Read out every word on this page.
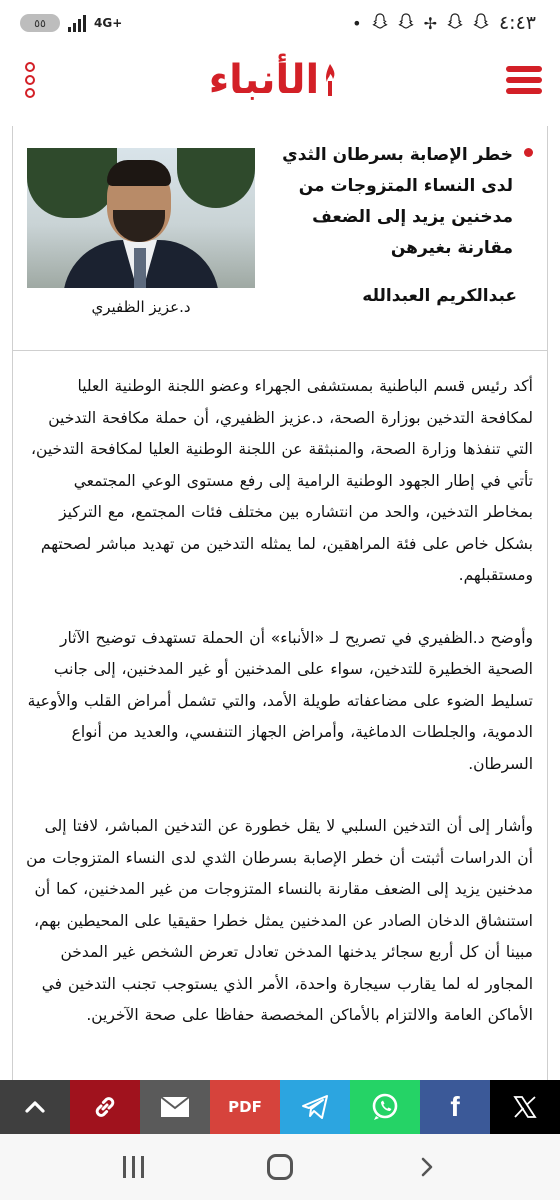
٥٥	4G+	•	✢	٤:٤٣
الأنباء
خطر الإصابة بسرطان الثدي لدى النساء المتزوجات من مدخنين يزيد إلى الضعف مقارنة بغيرهن
عبدالكريم العبدالله
د.عزيز الظفيري

أكد رئيس قسم الباطنية بمستشفى الجهراء وعضو اللجنة الوطنية العليا لمكافحة التدخين بوزارة الصحة، د.عزيز الظفيري، أن حملة مكافحة التدخين التي تنفذها وزارة الصحة، والمنبثقة عن اللجنة الوطنية العليا لمكافحة التدخين، تأتي في إطار الجهود الوطنية الرامية إلى رفع مستوى الوعي المجتمعي بمخاطر التدخين، والحد من انتشاره بين مختلف فئات المجتمع، مع التركيز بشكل خاص على فئة المراهقين، لما يمثله التدخين من تهديد مباشر لصحتهم ومستقبلهم.

وأوضح د.الظفيري في تصريح لـ «الأنباء» أن الحملة تستهدف توضيح الآثار الصحية الخطيرة للتدخين، سواء على المدخنين أو غير المدخنين، إلى جانب تسليط الضوء على مضاعفاته طويلة الأمد، والتي تشمل أمراض القلب والأوعية الدموية، والجلطات الدماغية، وأمراض الجهاز التنفسي، والعديد من أنواع السرطان.

وأشار إلى أن التدخين السلبي لا يقل خطورة عن التدخين المباشر، لافتا إلى أن الدراسات أثبتت أن خطر الإصابة بسرطان الثدي لدى النساء المتزوجات من مدخنين يزيد إلى الضعف مقارنة بالنساء المتزوجات من غير المدخنين، كما أن استنشاق الدخان الصادر عن المدخنين يمثل خطرا حقيقيا على المحيطين بهم، مبينا أن كل أربع سجائر يدخنها المدخن تعادل تعرض الشخص غير المدخن المجاور له لما يقارب سيجارة واحدة، الأمر الذي يستوجب تجنب التدخين في الأماكن العامة والالتزام بالأماكن المخصصة حفاظا على صحة الآخرين.

PDF	f
